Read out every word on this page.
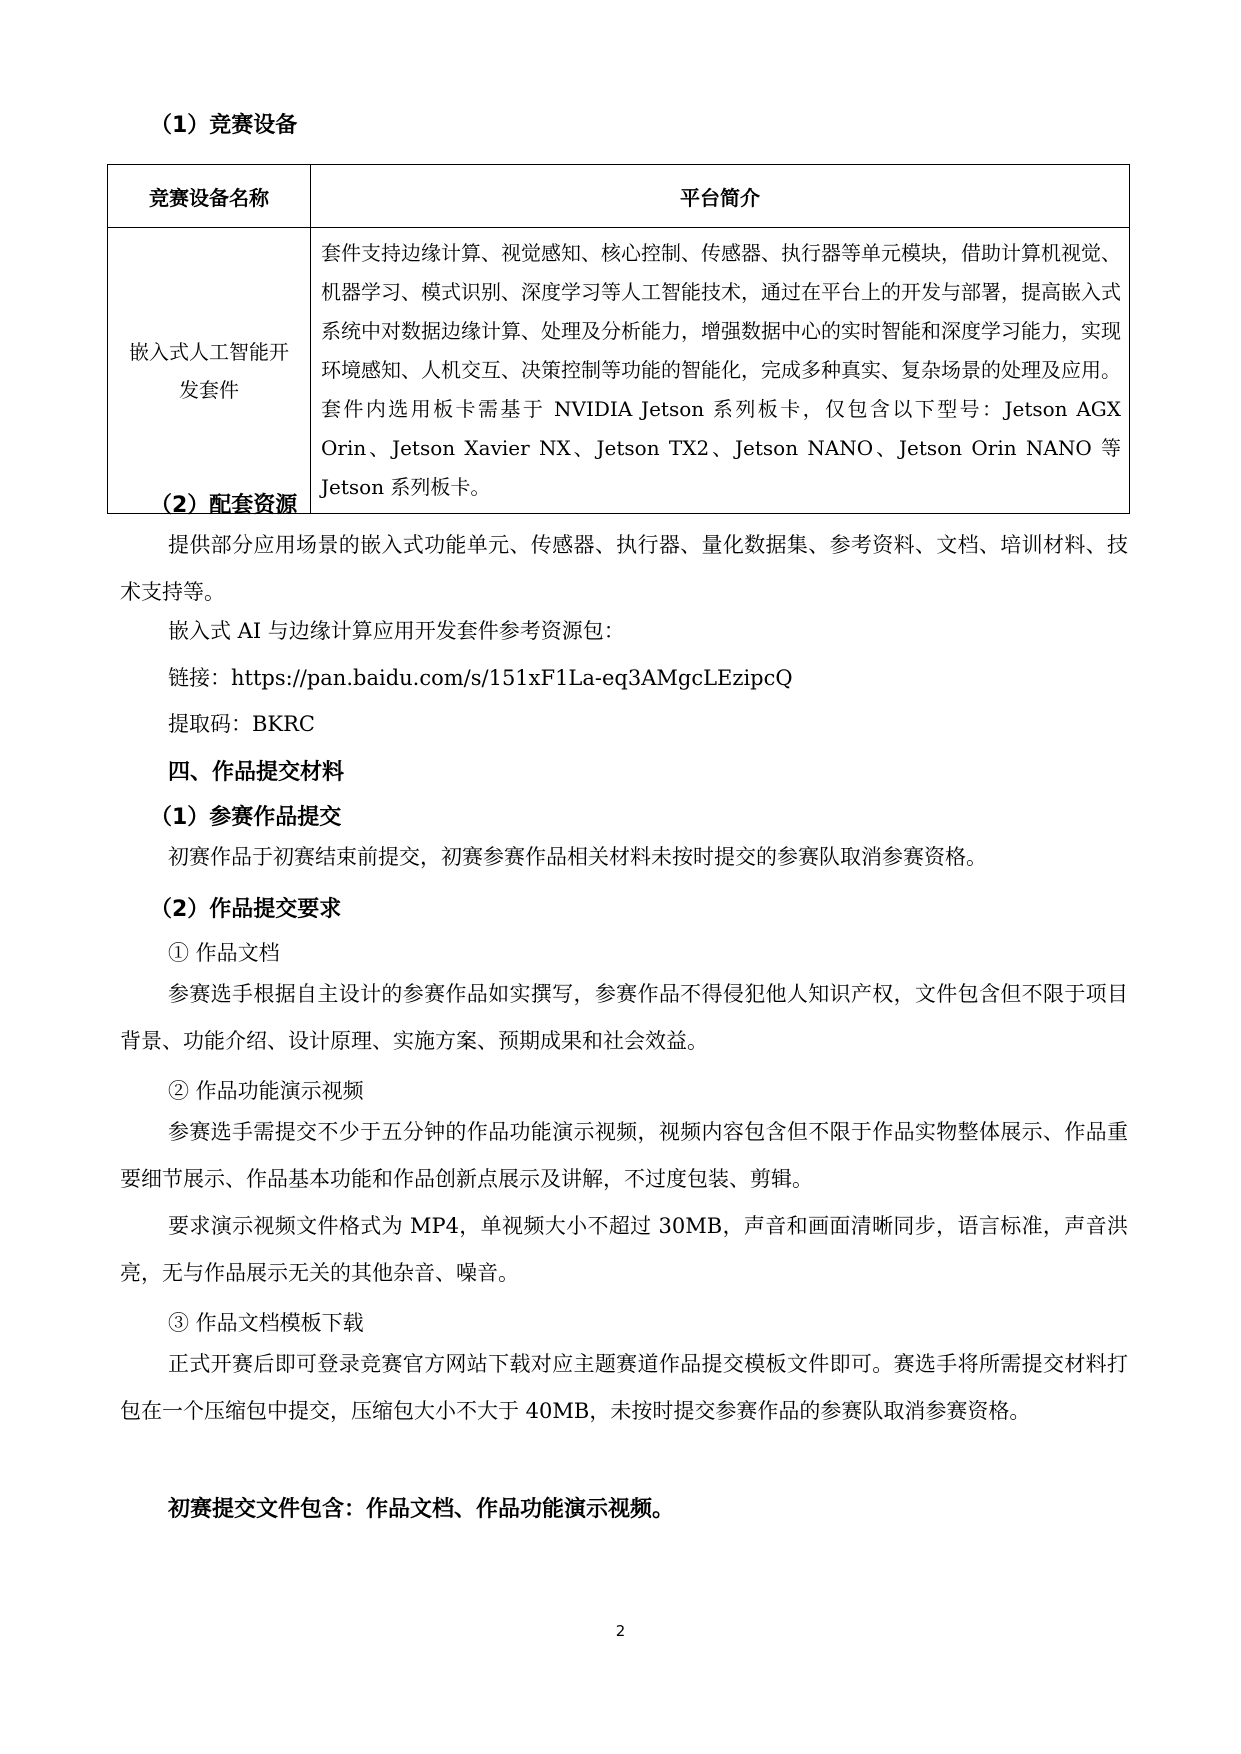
（1）竞赛设备
竞赛设备名称	平台简介

嵌入式人工智能开发套件	套件支持边缘计算、视觉感知、核心控制、传感器、执行器等单元模块，借助计算机视觉、机器学习、模式识别、深度学习等人工智能技术，通过在平台上的开发与部署，提高嵌入式系统中对数据边缘计算、处理及分析能力，增强数据中心的实时智能和深度学习能力，实现环境感知、人机交互、决策控制等功能的智能化，完成多种真实、复杂场景的处理及应用。
套件内选用板卡需基于 NVIDIA Jetson 系列板卡，仅包含以下型号：Jetson AGX Orin、Jetson Xavier NX、Jetson TX2、Jetson NANO、Jetson Orin NANO 等 Jetson 系列板卡。
（2）配套资源
提供部分应用场景的嵌入式功能单元、传感器、执行器、量化数据集、参考资料、文档、培训材料、技术支持等。
嵌入式 AI 与边缘计算应用开发套件参考资源包：
链接：https://pan.baidu.com/s/151xF1La-eq3AMgcLEzipcQ
提取码：BKRC
四、作品提交材料
（1）参赛作品提交
初赛作品于初赛结束前提交，初赛参赛作品相关材料未按时提交的参赛队取消参赛资格。
（2）作品提交要求
① 作品文档
参赛选手根据自主设计的参赛作品如实撰写，参赛作品不得侵犯他人知识产权，文件包含但不限于项目背景、功能介绍、设计原理、实施方案、预期成果和社会效益。
② 作品功能演示视频
参赛选手需提交不少于五分钟的作品功能演示视频，视频内容包含但不限于作品实物整体展示、作品重要细节展示、作品基本功能和作品创新点展示及讲解，不过度包装、剪辑。
要求演示视频文件格式为 MP4，单视频大小不超过 30MB，声音和画面清晰同步，语言标准，声音洪亮，无与作品展示无关的其他杂音、噪音。
③ 作品文档模板下载
正式开赛后即可登录竞赛官方网站下载对应主题赛道作品提交模板文件即可。赛选手将所需提交材料打包在一个压缩包中提交，压缩包大小不大于 40MB，未按时提交参赛作品的参赛队取消参赛资格。
初赛提交文件包含：作品文档、作品功能演示视频。
2
